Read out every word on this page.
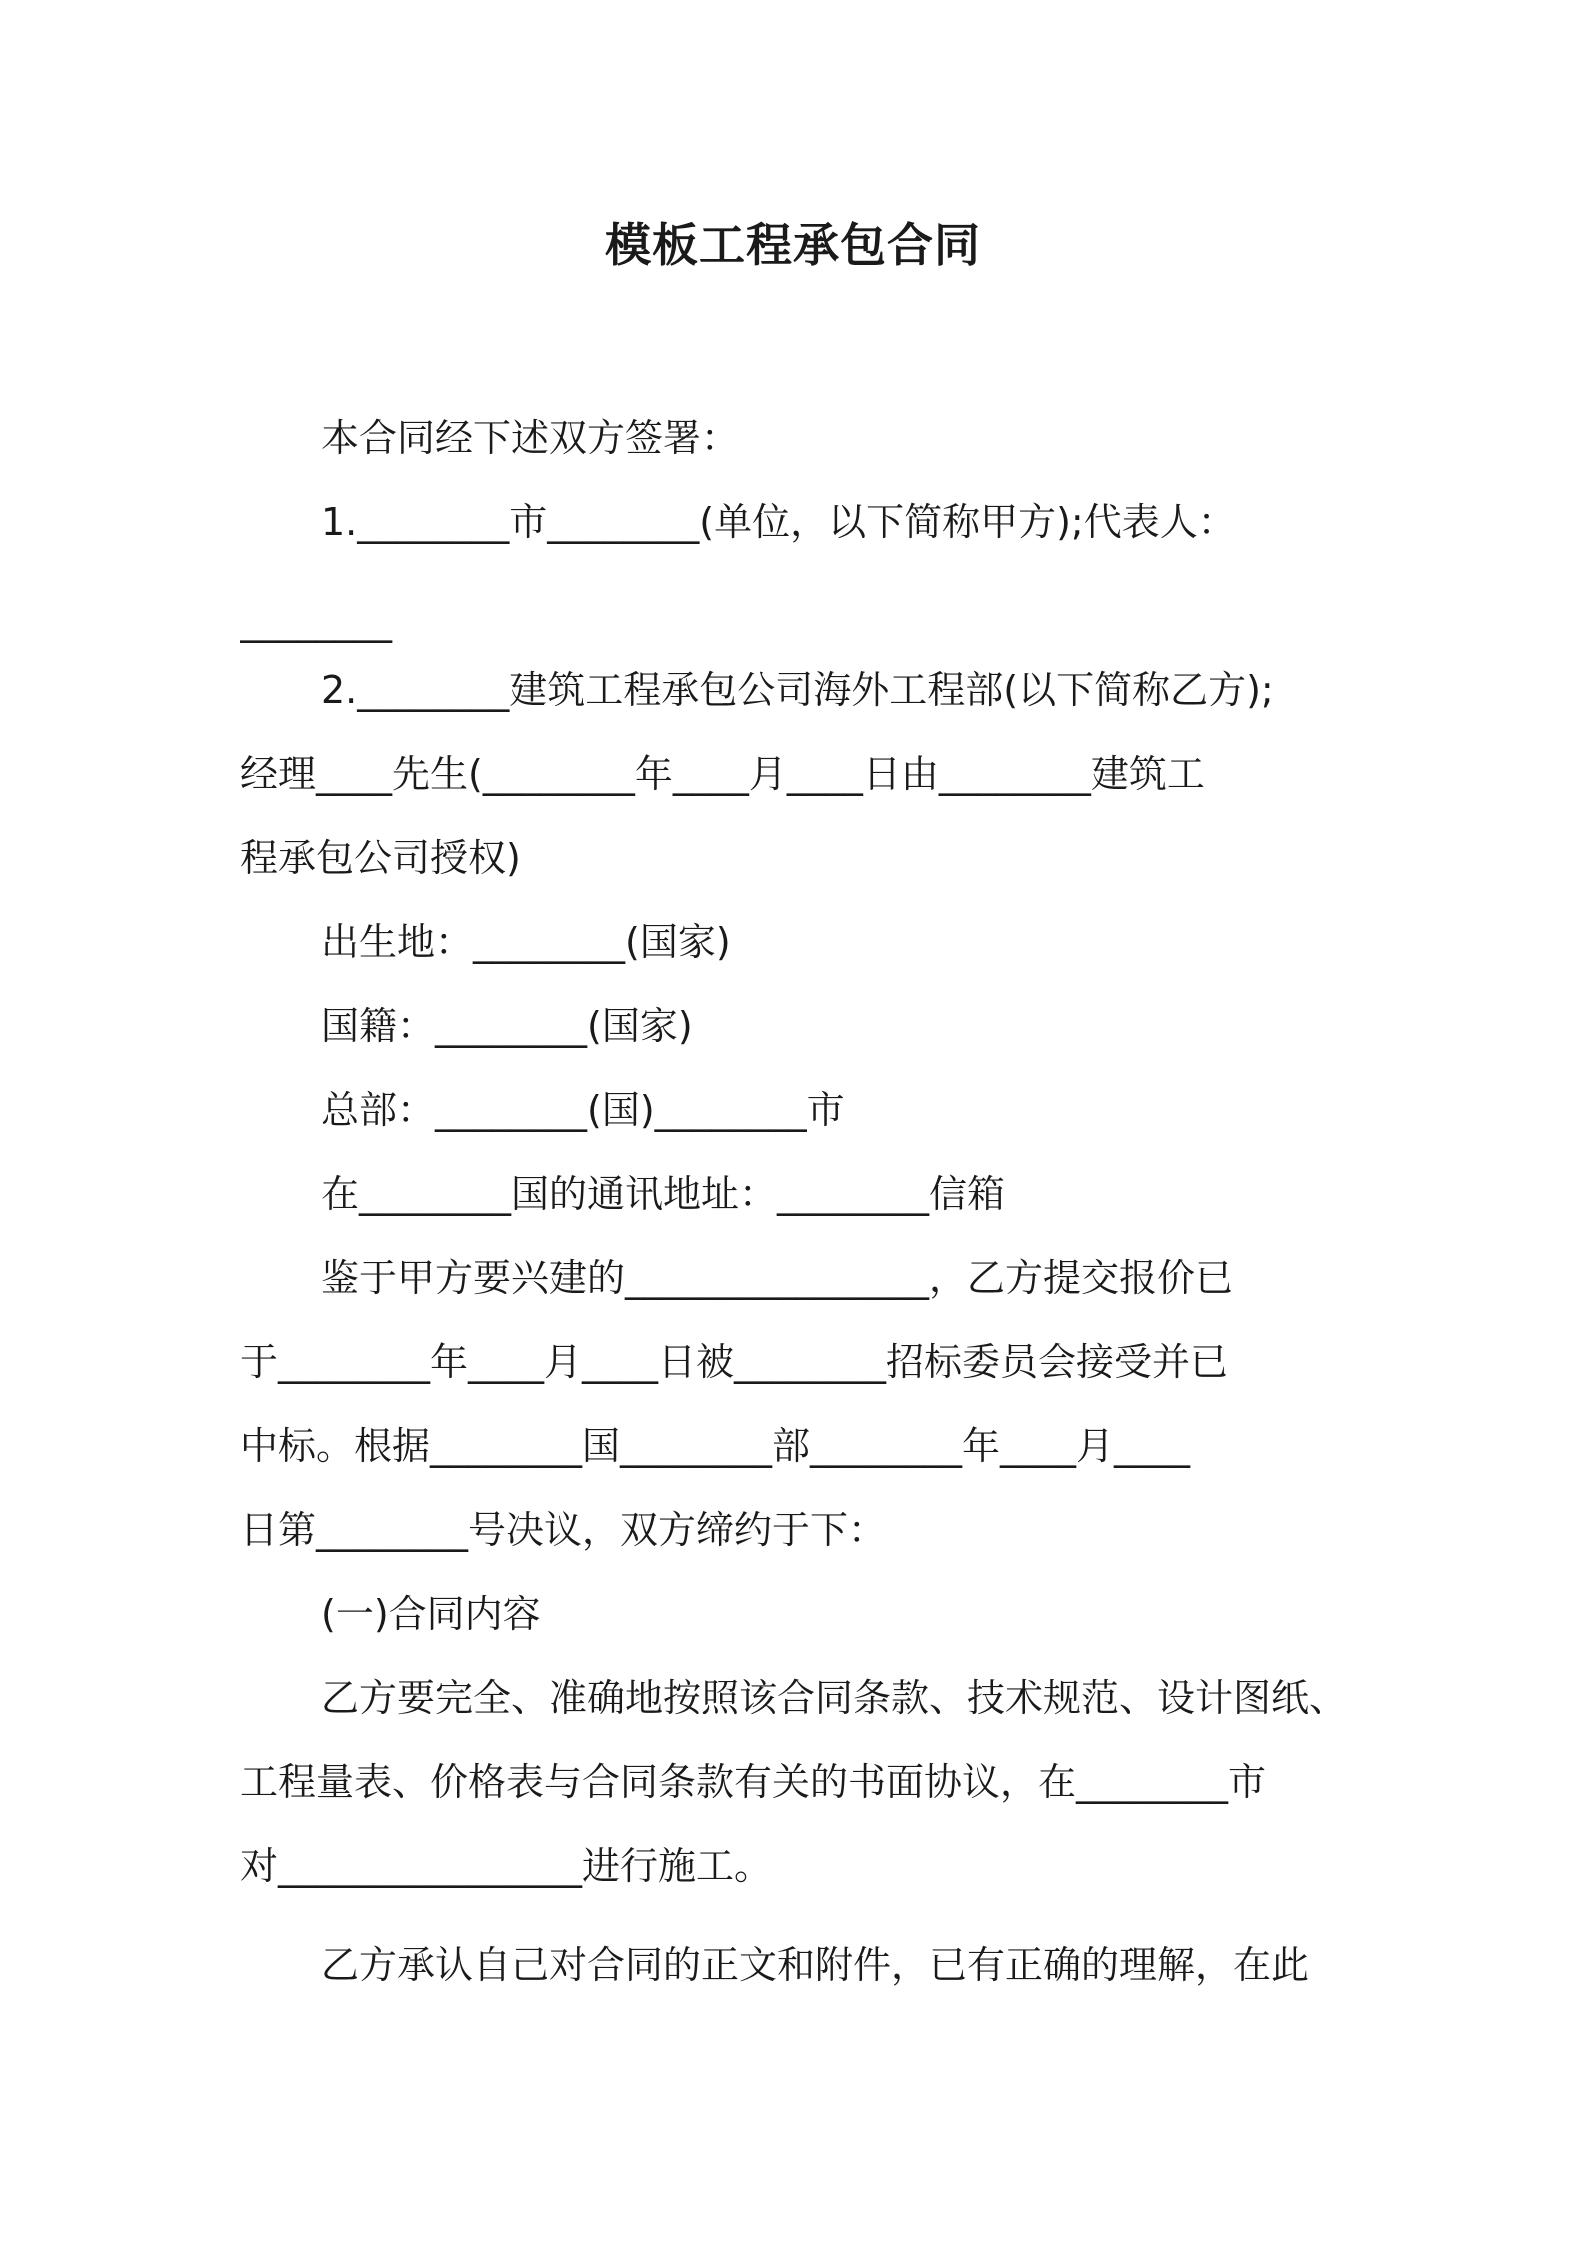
模板工程承包合同
本合同经下述双方签署：
1.________市________(单位，以下简称甲方);代表人：
________
2.________建筑工程承包公司海外工程部(以下简称乙方);
经理____先生(________年____月____日由________建筑工
程承包公司授权)
出生地：________(国家)
国籍：________(国家)
总部：________(国)________市
在________国的通讯地址：________信箱
鉴于甲方要兴建的________________，乙方提交报价已
于________年____月____日被________招标委员会接受并已
中标。根据________国________部________年____月____
日第________号决议，双方缔约于下：
(一)合同内容
乙方要完全、准确地按照该合同条款、技术规范、设计图纸、
工程量表、价格表与合同条款有关的书面协议，在________市
对________________进行施工。
乙方承认自己对合同的正文和附件，已有正确的理解，在此
